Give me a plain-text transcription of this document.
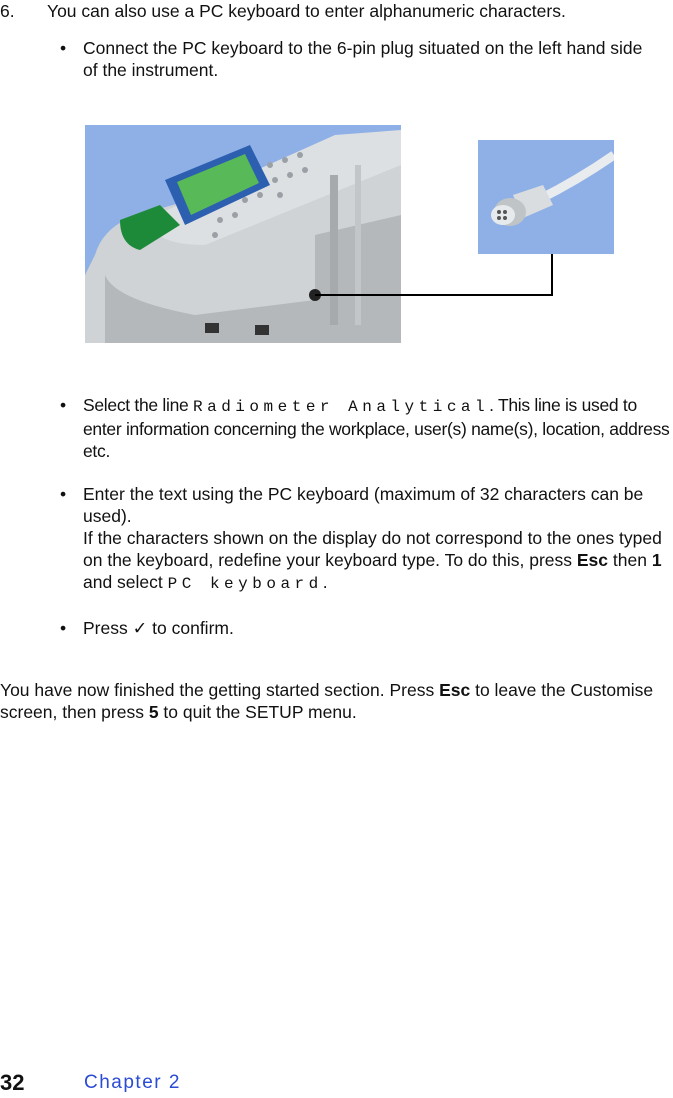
6. You can also use a PC keyboard to enter alphanumeric characters.
• Connect the PC keyboard to the 6-pin plug situated on the left hand side of the instrument.
• Select the line Radiometer Analytical. This line is used to enter information concerning the workplace, user(s) name(s), location, address etc.
• Enter the text using the PC keyboard (maximum of 32 characters can be used).
If the characters shown on the display do not correspond to the ones typed on the keyboard, redefine your keyboard type. To do this, press Esc then 1 and select PC keyboard.
• Press ✓ to confirm.
You have now finished the getting started section. Press Esc to leave the Customise screen, then press 5 to quit the SETUP menu.
32	Chapter 2
